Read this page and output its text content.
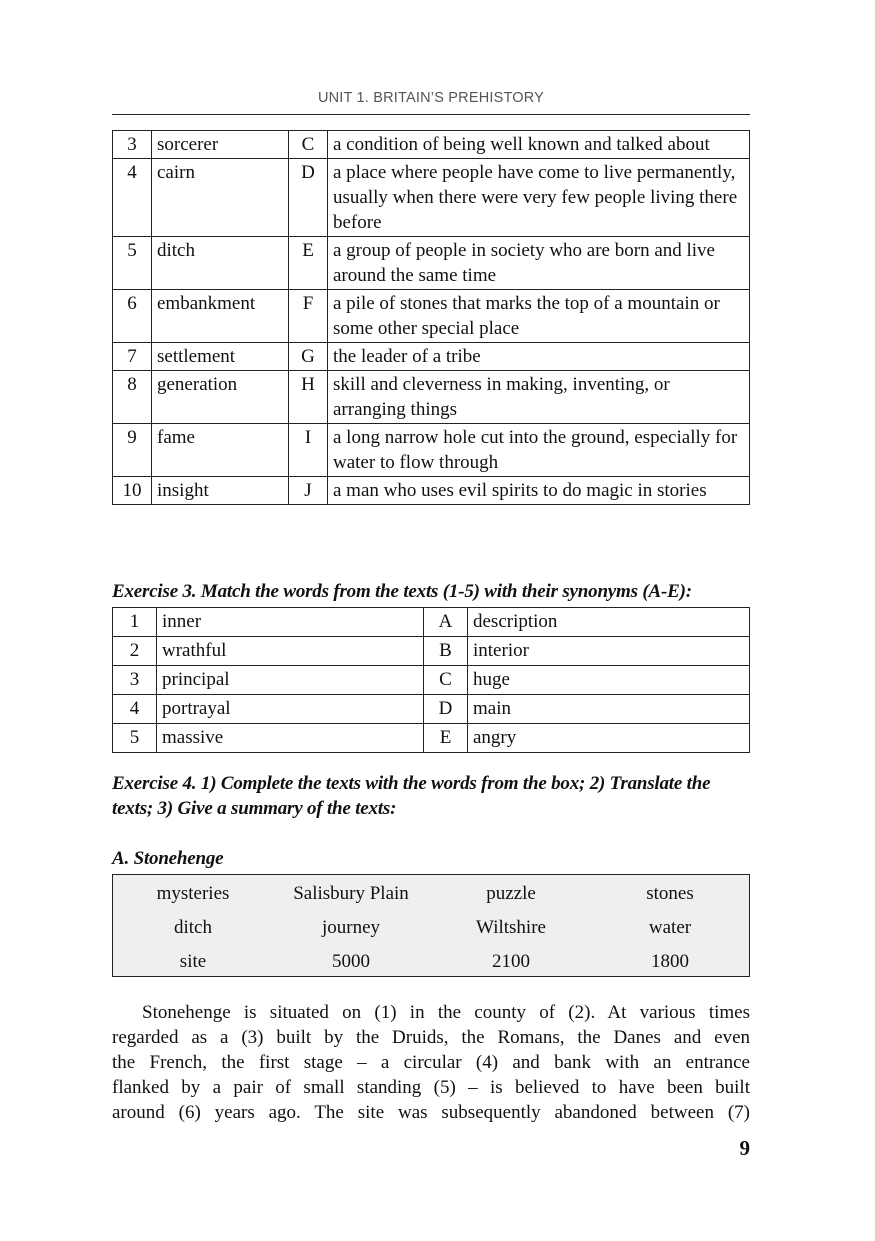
UNIT 1. BRITAIN’S PREHISTORY
3	sorcerer	C	a condition of being well known and talked about
4	cairn	D	a place where people have come to live permanently, usually when there were very few people living there before
5	ditch	E	a group of people in society who are born and live around the same time
6	embankment	F	a pile of stones that marks the top of a mountain or some other special place
7	settlement	G	the leader of a tribe
8	generation	H	skill and cleverness in making, inventing, or arranging things
9	fame	I	a long narrow hole cut into the ground, especially for water to flow through
10	insight	J	a man who uses evil spirits to do magic in stories
Exercise 3. Match the words from the texts (1-5) with their synonyms (A-E):
1	inner	A	description
2	wrathful	B	interior
3	principal	C	huge
4	portrayal	D	main
5	massive	E	angry
Exercise 4. 1) Complete the texts with the words from the box; 2) Translate the texts; 3) Give a summary of the texts:
A. Stonehenge
mysteries	Salisbury Plain	puzzle	stones
ditch	journey	Wiltshire	water
site	5000	2100	1800
Stonehenge is situated on (1) in the county of (2). At various times
regarded as a (3) built by the Druids, the Romans, the Danes and even
the French, the first stage – a circular (4) and bank with an entrance
flanked by a pair of small standing (5) – is believed to have been built
around (6) years ago. The site was subsequently abandoned between (7)
9
